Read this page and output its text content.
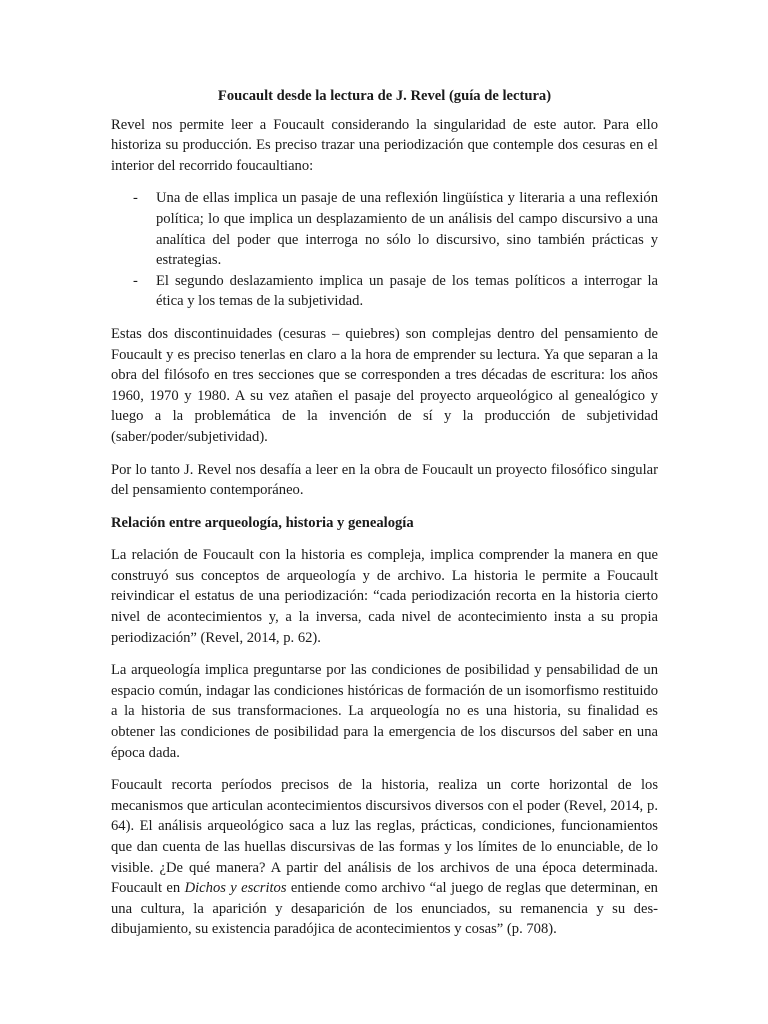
Foucault desde la lectura de J. Revel (guía de lectura)

Revel nos permite leer a Foucault considerando la singularidad de este autor. Para ello historiza su producción. Es preciso trazar una periodización que contemple dos cesuras en el interior del recorrido foucaultiano:

- Una de ellas implica un pasaje de una reflexión lingüística y literaria a una reflexión política; lo que implica un desplazamiento de un análisis del campo discursivo a una analítica del poder que interroga no sólo lo discursivo, sino también prácticas y estrategias.
- El segundo deslazamiento implica un pasaje de los temas políticos a interrogar la ética y los temas de la subjetividad.

Estas dos discontinuidades (cesuras – quiebres) son complejas dentro del pensamiento de Foucault y es preciso tenerlas en claro a la hora de emprender su lectura. Ya que separan a la obra del filósofo en tres secciones que se corresponden a tres décadas de escritura: los años 1960, 1970 y 1980. A su vez atañen el pasaje del proyecto arqueológico al genealógico y luego a la problemática de la invención de sí y la producción de subjetividad (saber/poder/subjetividad).

Por lo tanto J. Revel nos desafía a leer en la obra de Foucault un proyecto filosófico singular del pensamiento contemporáneo.

Relación entre arqueología, historia y genealogía

La relación de Foucault con la historia es compleja, implica comprender la manera en que construyó sus conceptos de arqueología y de archivo. La historia le permite a Foucault reivindicar el estatus de una periodización: “cada periodización recorta en la historia cierto nivel de acontecimientos y, a la inversa, cada nivel de acontecimiento insta a su propia periodización” (Revel, 2014, p. 62).

La arqueología implica preguntarse por las condiciones de posibilidad y pensabilidad de un espacio común, indagar las condiciones históricas de formación de un isomorfismo restituido a la historia de sus transformaciones. La arqueología no es una historia, su finalidad es obtener las condiciones de posibilidad para la emergencia de los discursos del saber en una época dada.

Foucault recorta períodos precisos de la historia, realiza un corte horizontal de los mecanismos que articulan acontecimientos discursivos diversos con el poder (Revel, 2014, p. 64). El análisis arqueológico saca a luz las reglas, prácticas, condiciones, funcionamientos que dan cuenta de las huellas discursivas de las formas y los límites de lo enunciable, de lo visible. ¿De qué manera? A partir del análisis de los archivos de una época determinada. Foucault en Dichos y escritos entiende como archivo “al juego de reglas que determinan, en una cultura, la aparición y desaparición de los enunciados, su remanencia y su des-dibujamiento, su existencia paradójica de acontecimientos y cosas” (p. 708).
